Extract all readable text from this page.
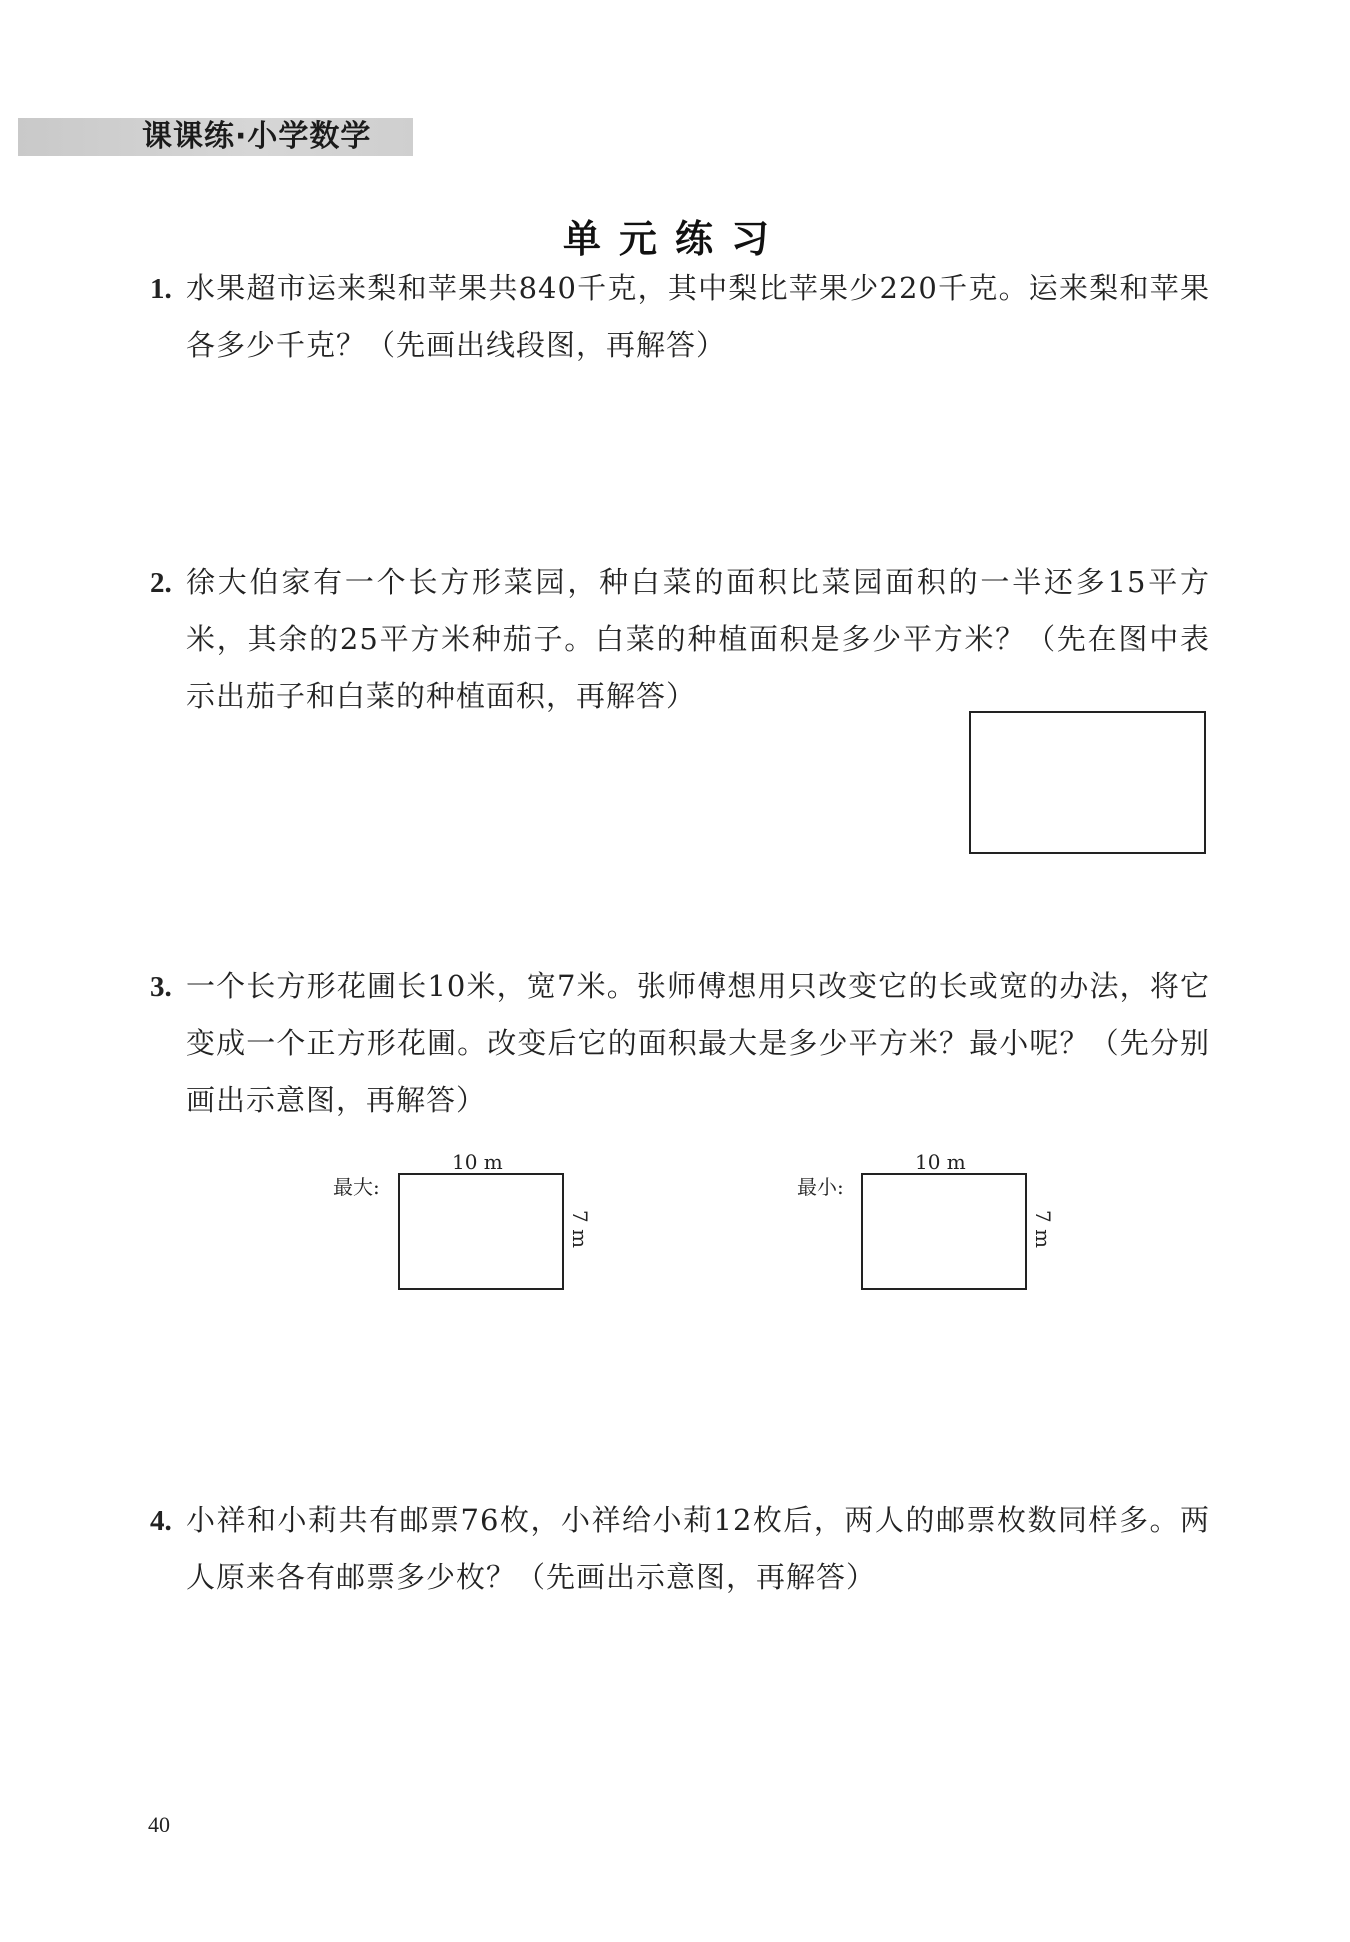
课课练·小学数学
单元练习
1. 水果超市运来梨和苹果共840千克，其中梨比苹果少220千克。运来梨和苹果各多少千克？（先画出线段图，再解答）
2. 徐大伯家有一个长方形菜园，种白菜的面积比菜园面积的一半还多15平方米，其余的25平方米种茄子。白菜的种植面积是多少平方米？（先在图中表示出茄子和白菜的种植面积，再解答）
3. 一个长方形花圃长10米，宽7米。张师傅想用只改变它的长或宽的办法，将它变成一个正方形花圃。改变后它的面积最大是多少平方米？最小呢？（先分别画出示意图，再解答）
最大:
10 m
7 m
最小:
10 m
7 m
4. 小祥和小莉共有邮票76枚，小祥给小莉12枚后，两人的邮票枚数同样多。两人原来各有邮票多少枚？（先画出示意图，再解答）
40
